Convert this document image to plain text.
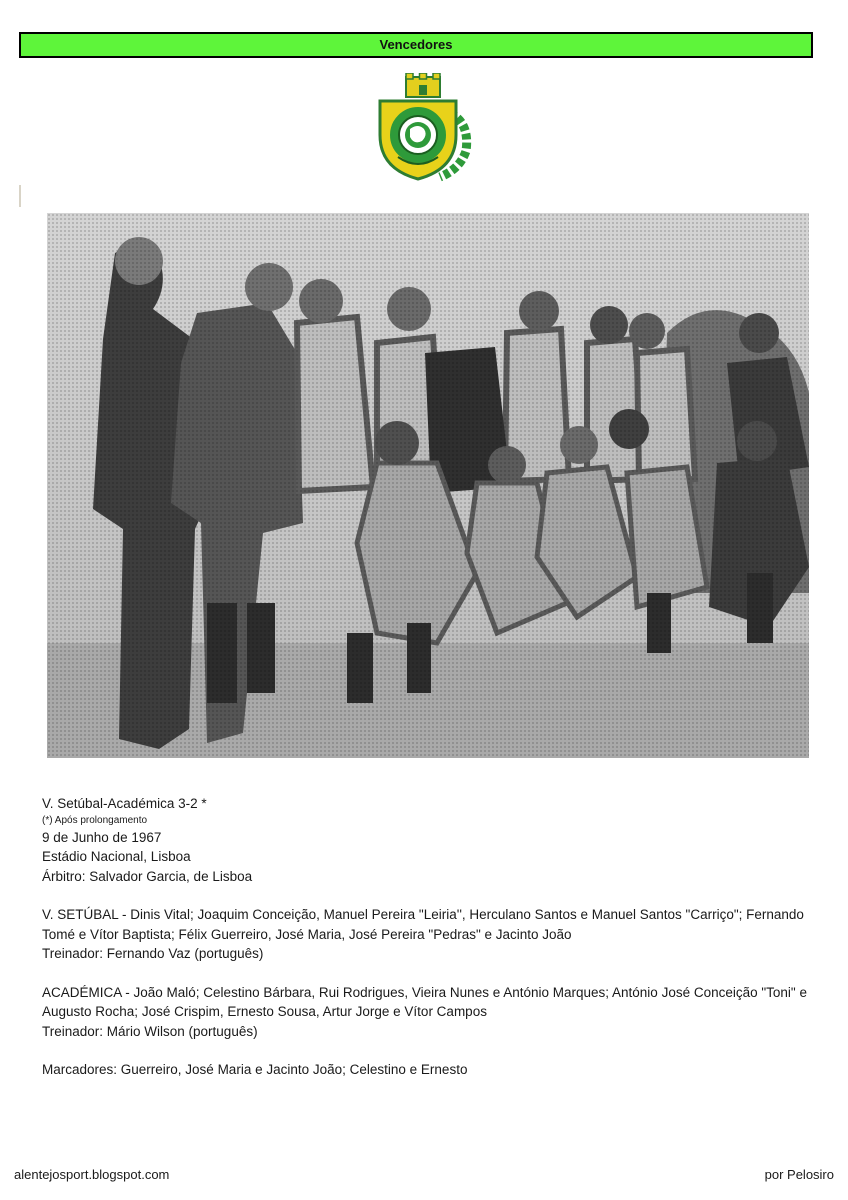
Vencedores

V. Setúbal-Académica 3-2 *

(*) Após prolongamento

9 de Junho de 1967

Estádio Nacional, Lisboa

Árbitro: Salvador Garcia, de Lisboa

V. SETÚBAL - Dinis Vital; Joaquim Conceição, Manuel Pereira "Leiria'', Herculano Santos e Manuel Santos "Carriço"; Fernando Tomé e Vítor Baptista; Félix Guerreiro, José Maria, José Pereira "Pedras" e Jacinto João

Treinador: Fernando Vaz (português)

ACADÉMICA - João Maló; Celestino Bárbara, Rui Rodrigues, Vieira Nunes e António Marques; António José Conceição "Toni" e Augusto Rocha; José Crispim, Ernesto Sousa, Artur Jorge e Vítor Campos

Treinador: Mário Wilson (português)

Marcadores: Guerreiro, José Maria e Jacinto João; Celestino e Ernesto

alentejosport.blogspot.com	por Pelosiro
